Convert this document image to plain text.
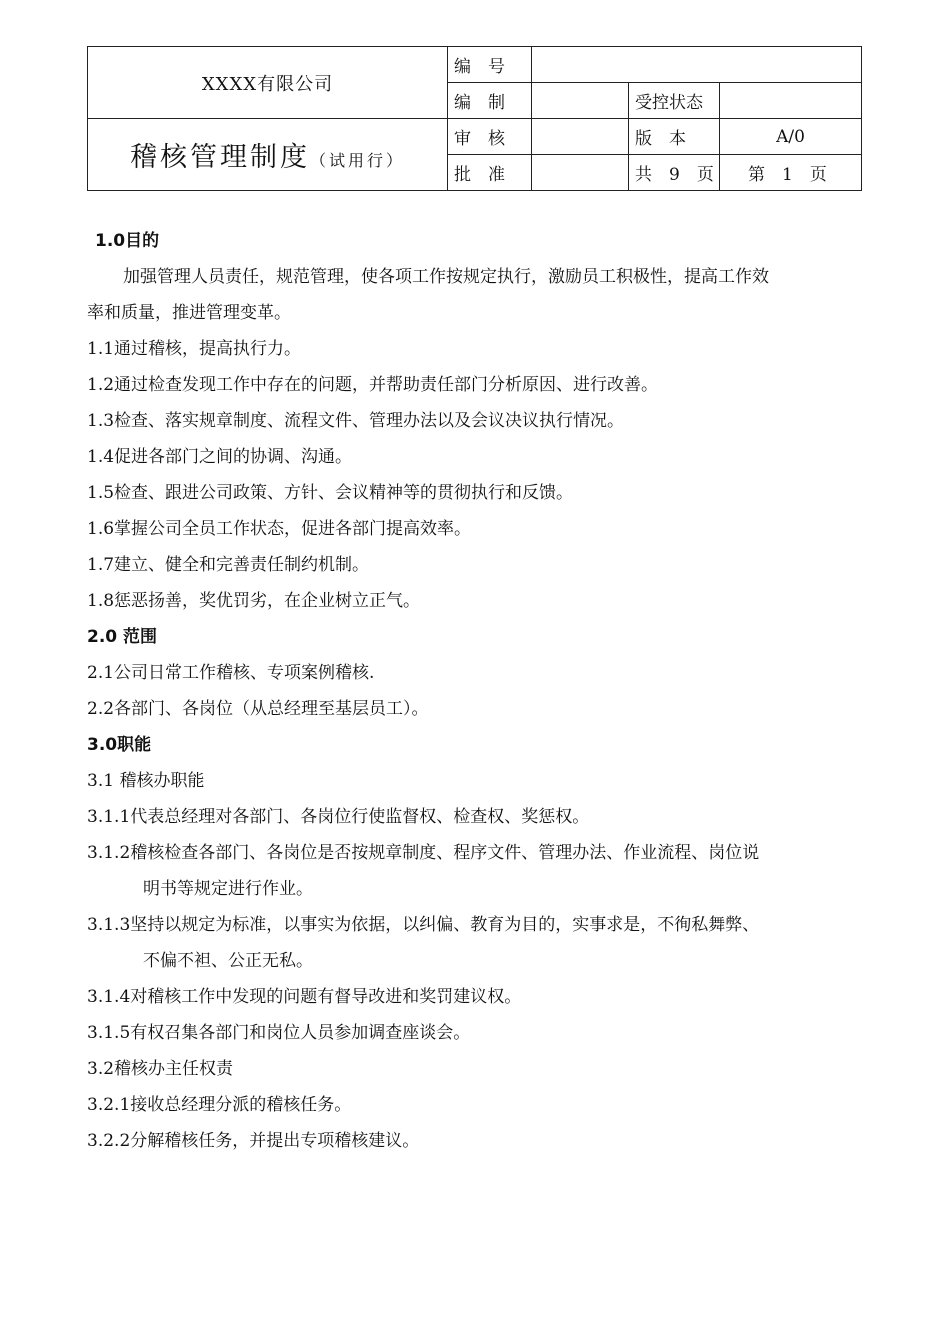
XXXX有限公司	编　号			
	编　制		受控状态	
稽核管理制度（试用行）	审　核		版　本	A/0
	批　准		共　9　页	第　1　页
1.0目的
加强管理人员责任，规范管理，使各项工作按规定执行，激励员工积极性，提高工作效
率和质量，推进管理变革。
1.1通过稽核，提高执行力。
1.2通过检查发现工作中存在的问题，并帮助责任部门分析原因、进行改善。
1.3检查、落实规章制度、流程文件、管理办法以及会议决议执行情况。
1.4促进各部门之间的协调、沟通。
1.5检查、跟进公司政策、方针、会议精神等的贯彻执行和反馈。
1.6掌握公司全员工作状态，促进各部门提高效率。
1.7建立、健全和完善责任制约机制。
1.8惩恶扬善，奖优罚劣，在企业树立正气。
2.0 范围
2.1公司日常工作稽核、专项案例稽核.
2.2各部门、各岗位（从总经理至基层员工）。
3.0职能
3.1 稽核办职能
3.1.1代表总经理对各部门、各岗位行使监督权、检查权、奖惩权。
3.1.2稽核检查各部门、各岗位是否按规章制度、程序文件、管理办法、作业流程、岗位说
明书等规定进行作业。
3.1.3坚持以规定为标准，以事实为依据，以纠偏、教育为目的，实事求是，不徇私舞弊、
不偏不袒、公正无私。
3.1.4对稽核工作中发现的问题有督导改进和奖罚建议权。
3.1.5有权召集各部门和岗位人员参加调查座谈会。
3.2稽核办主任权责
3.2.1接收总经理分派的稽核任务。
3.2.2分解稽核任务，并提出专项稽核建议。
